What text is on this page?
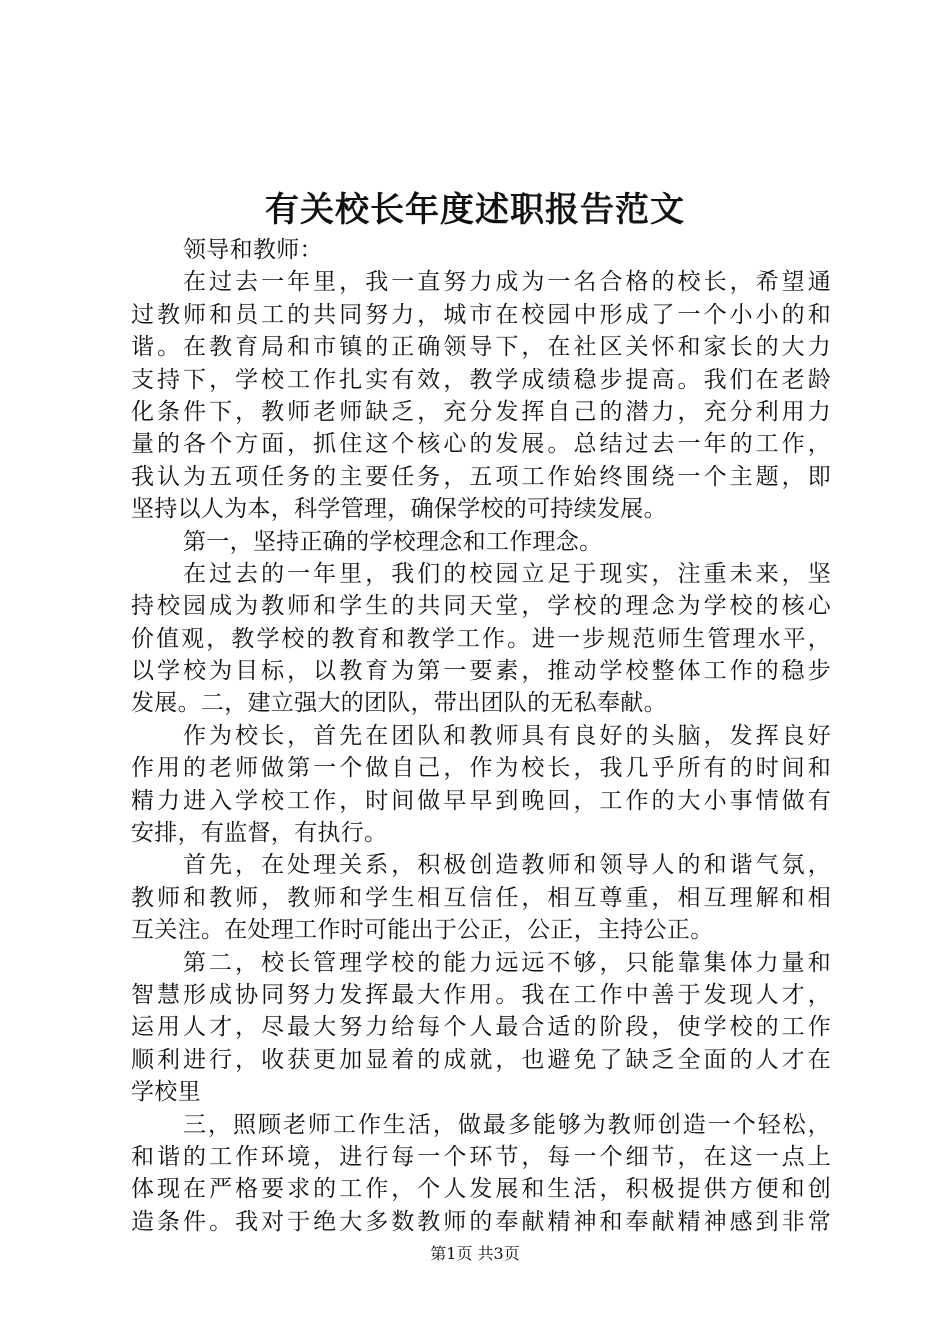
有关校长年度述职报告范文
领导和教师：
在过去一年里，我一直努力成为一名合格的校长，希望通
过教师和员工的共同努力，城市在校园中形成了一个小小的和
谐。在教育局和市镇的正确领导下，在社区关怀和家长的大力
支持下，学校工作扎实有效，教学成绩稳步提高。我们在老龄
化条件下，教师老师缺乏，充分发挥自己的潜力，充分利用力
量的各个方面，抓住这个核心的发展。总结过去一年的工作，
我认为五项任务的主要任务，五项工作始终围绕一个主题，即
坚持以人为本，科学管理，确保学校的可持续发展。
第一，坚持正确的学校理念和工作理念。
在过去的一年里，我们的校园立足于现实，注重未来，坚
持校园成为教师和学生的共同天堂，学校的理念为学校的核心
价值观，教学校的教育和教学工作。进一步规范师生管理水平，
以学校为目标，以教育为第一要素，推动学校整体工作的稳步
发展。二，建立强大的团队，带出团队的无私奉献。
作为校长，首先在团队和教师具有良好的头脑，发挥良好
作用的老师做第一个做自己，作为校长，我几乎所有的时间和
精力进入学校工作，时间做早早到晚回，工作的大小事情做有
安排，有监督，有执行。
首先，在处理关系，积极创造教师和领导人的和谐气氛，
教师和教师，教师和学生相互信任，相互尊重，相互理解和相
互关注。在处理工作时可能出于公正，公正，主持公正。
第二，校长管理学校的能力远远不够，只能靠集体力量和
智慧形成协同努力发挥最大作用。我在工作中善于发现人才，
运用人才，尽最大努力给每个人最合适的阶段，使学校的工作
顺利进行，收获更加显着的成就，也避免了缺乏全面的人才在
学校里
三，照顾老师工作生活，做最多能够为教师创造一个轻松，
和谐的工作环境，进行每一个环节，每一个细节，在这一点上
体现在严格要求的工作，个人发展和生活，积极提供方便和创
造条件。我对于绝大多数教师的奉献精神和奉献精神感到非常
第1页 共3页
